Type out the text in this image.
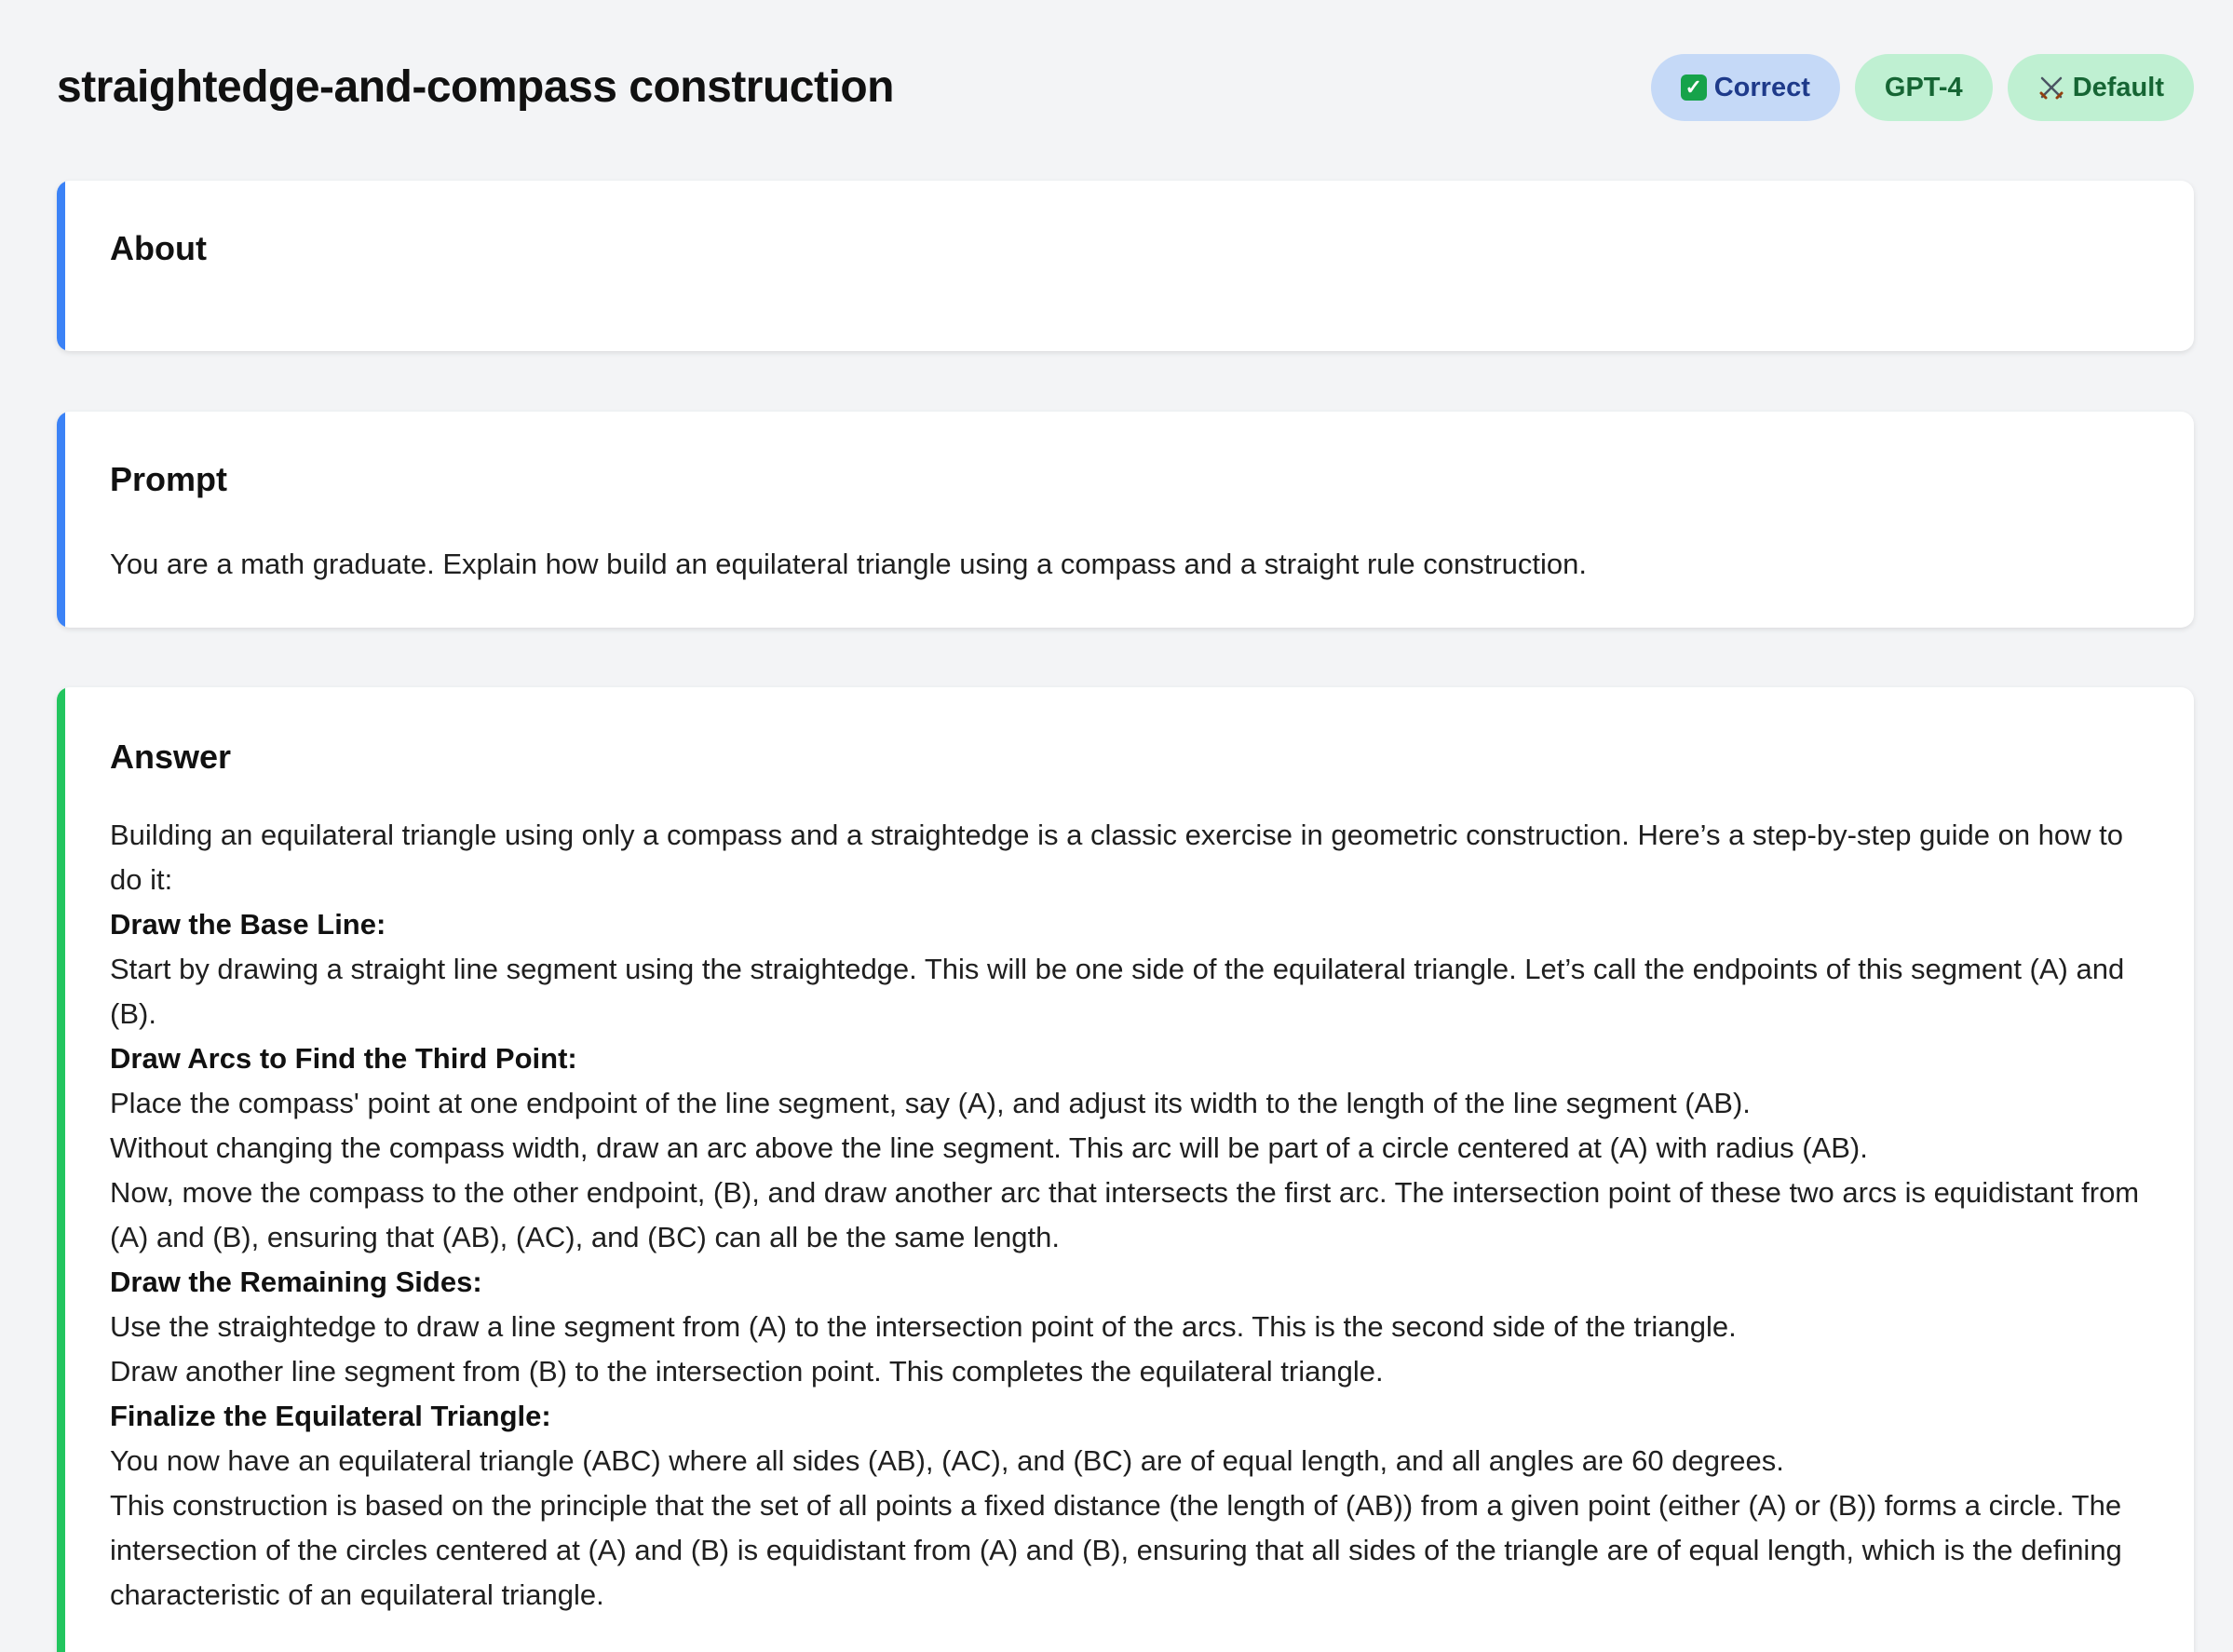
straightedge-and-compass construction	✓ Correct	GPT-4	Default
About
Prompt

You are a math graduate. Explain how build an equilateral triangle using a compass and a straight rule construction.

Answer

Building an equilateral triangle using only a compass and a straightedge is a classic exercise in geometric construction. Here’s a step-by-step guide on how to do it:

Draw the Base Line:

Start by drawing a straight line segment using the straightedge. This will be one side of the equilateral triangle. Let’s call the endpoints of this segment (A) and (B).

Draw Arcs to Find the Third Point:

Place the compass' point at one endpoint of the line segment, say (A), and adjust its width to the length of the line segment (AB).

Without changing the compass width, draw an arc above the line segment. This arc will be part of a circle centered at (A) with radius (AB).

Now, move the compass to the other endpoint, (B), and draw another arc that intersects the first arc. The intersection point of these two arcs is equidistant from (A) and (B), ensuring that (AB), (AC), and (BC) can all be the same length.

Draw the Remaining Sides:

Use the straightedge to draw a line segment from (A) to the intersection point of the arcs. This is the second side of the triangle.

Draw another line segment from (B) to the intersection point. This completes the equilateral triangle.

Finalize the Equilateral Triangle:

You now have an equilateral triangle (ABC) where all sides (AB), (AC), and (BC) are of equal length, and all angles are 60 degrees.

This construction is based on the principle that the set of all points a fixed distance (the length of (AB)) from a given point (either (A) or (B)) forms a circle. The intersection of the circles centered at (A) and (B) is equidistant from (A) and (B), ensuring that all sides of the triangle are of equal length, which is the defining characteristic of an equilateral triangle.
